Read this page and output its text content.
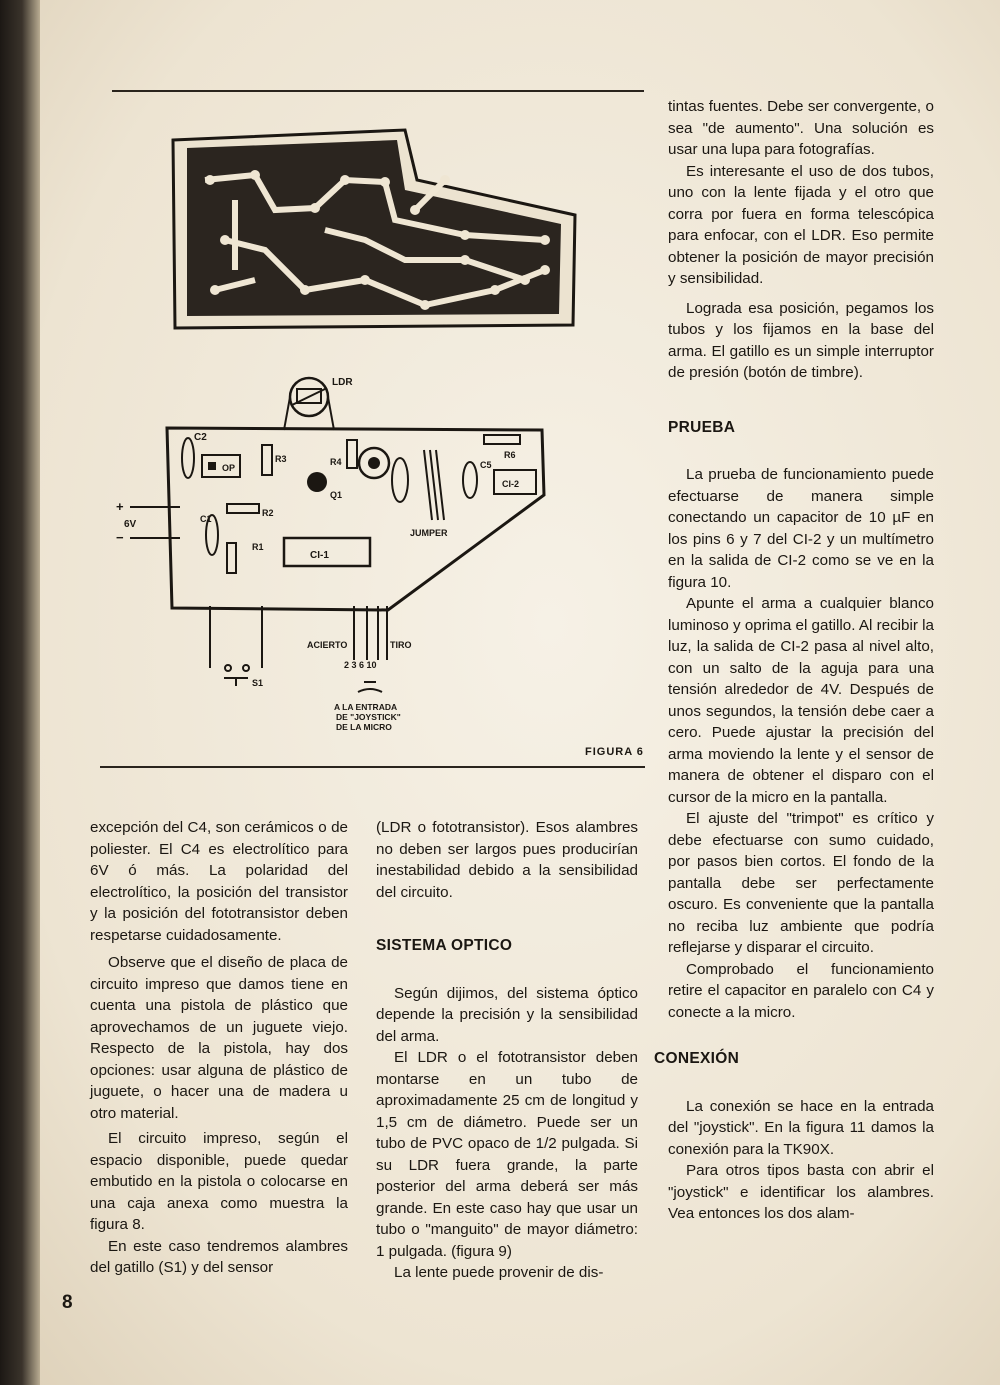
LDR
C2
OP
R3	R4
Q1
R6
C5
CI-2
C1
R2
R1
CI-1
JUMPER
+
6V
−
S1
ACIERTO	TIRO
2 3 6 10
A LA ENTRADA
DE "JOYSTICK"
DE LA MICRO
FIGURA 6

tintas fuentes. Debe ser convergente, o sea "de aumento". Una solución es usar una lupa para fotografías.

Es interesante el uso de dos tubos, uno con la lente fijada y el otro que corra por fuera en forma telescópica para enfocar, con el LDR. Eso permite obtener la posición de mayor precisión y sensibilidad.

Lograda esa posición, pegamos los tubos y los fijamos en la base del arma. El gatillo es un simple interruptor de presión (botón de timbre).

PRUEBA

La prueba de funcionamiento puede efectuarse de manera simple conectando un capacitor de 10 µF en los pins 6 y 7 del CI-2 y un multímetro en la salida de CI-2 como se ve en la figura 10.

Apunte el arma a cualquier blanco luminoso y oprima el gatillo. Al recibir la luz, la salida de CI-2 pasa al nivel alto, con un salto de la aguja para una tensión alrededor de 4V. Después de unos segundos, la tensión debe caer a cero. Puede ajustar la precisión del arma moviendo la lente y el sensor de manera de obtener el disparo con el cursor de la micro en la pantalla.

El ajuste del "trimpot" es crítico y debe efectuarse con sumo cuidado, por pasos bien cortos. El fondo de la pantalla debe ser perfectamente oscuro. Es conveniente que la pantalla no reciba luz ambiente que podría reflejarse y disparar el circuito.

Comprobado el funcionamiento retire el capacitor en paralelo con C4 y conecte a la micro.

CONEXIÓN

La conexión se hace en la entrada del "joystick". En la figura 11 damos la conexión para la TK90X.

Para otros tipos basta con abrir el "joystick" e identificar los alambres. Vea entonces los dos alam-

excepción del C4, son cerámicos o de poliester. El C4 es electrolítico para 6V ó más. La polaridad del electrolítico, la posición del transistor y la posición del fototransistor deben respetarse cuidadosamente.

Observe que el diseño de placa de circuito impreso que damos tiene en cuenta una pistola de plástico que aprovechamos de un juguete viejo. Respecto de la pistola, hay dos opciones: usar alguna de plástico de juguete, o hacer una de madera u otro material.

El circuito impreso, según el espacio disponible, puede quedar embutido en la pistola o colocarse en una caja anexa como muestra la figura 8.

En este caso tendremos alambres del gatillo (S1) y del sensor

(LDR o fototransistor). Esos alambres no deben ser largos pues producirían inestabilidad debido a la sensibilidad del circuito.

SISTEMA OPTICO

Según dijimos, del sistema óptico depende la precisión y la sensibilidad del arma.

El LDR o el fototransistor deben montarse en un tubo de aproximadamente 25 cm de longitud y 1,5 cm de diámetro. Puede ser un tubo de PVC opaco de 1/2 pulgada. Si su LDR fuera grande, la parte posterior del arma deberá ser más grande. En este caso hay que usar un tubo o "manguito" de mayor diámetro: 1 pulgada. (figura 9)

La lente puede provenir de dis-

8
